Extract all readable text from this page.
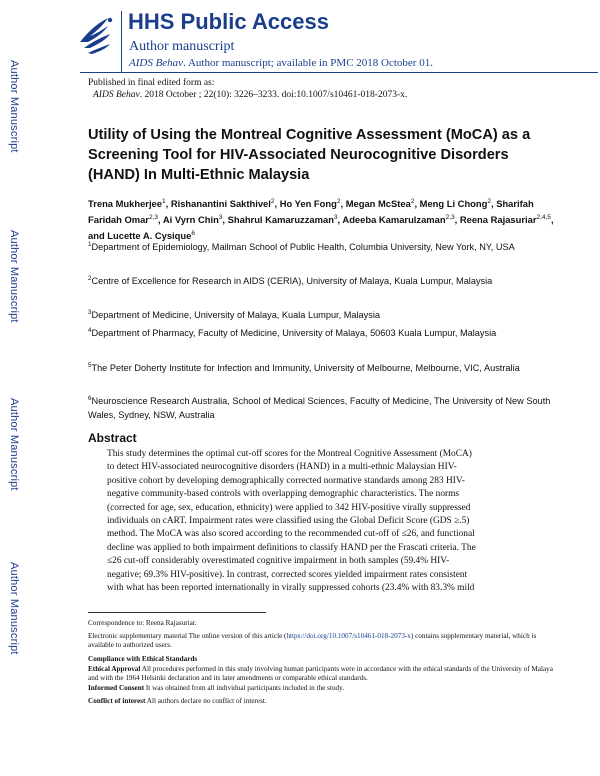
Author Manuscript
Author Manuscript
Author Manuscript
Author Manuscript
HHS Public Access
Author manuscript
AIDS Behav. Author manuscript; available in PMC 2018 October 01.
Published in final edited form as:
AIDS Behav. 2018 October ; 22(10): 3226–3233. doi:10.1007/s10461-018-2073-x.
Utility of Using the Montreal Cognitive Assessment (MoCA) as a Screening Tool for HIV-Associated Neurocognitive Disorders (HAND) In Multi-Ethnic Malaysia
Trena Mukherjee$^1$, Rishanantini Sakthivel$^2$, Ho Yen Fong$^2$, Megan McStea$^2$, Meng Li Chong$^2$, Sharifah Faridah Omar$^{2,3}$, Ai Vyrn Chin$^3$, Shahrul Kamaruzzaman$^3$, Adeeba Kamarulzaman$^{2,3}$, Reena Rajasuriar$^{2,4,5}$, and Lucette A. Cysique$^6$
$^1$Department of Epidemiology, Mailman School of Public Health, Columbia University, New York, NY, USA
$^2$Centre of Excellence for Research in AIDS (CERIA), University of Malaya, Kuala Lumpur, Malaysia
$^3$Department of Medicine, University of Malaya, Kuala Lumpur, Malaysia
$^4$Department of Pharmacy, Faculty of Medicine, University of Malaya, 50603 Kuala Lumpur, Malaysia
$^5$The Peter Doherty Institute for Infection and Immunity, University of Melbourne, Melbourne, VIC, Australia
$^6$Neuroscience Research Australia, School of Medical Sciences, Faculty of Medicine, The University of New South Wales, Sydney, NSW, Australia
Abstract
This study determines the optimal cut-off scores for the Montreal Cognitive Assessment (MoCA)
to detect HIV-associated neurocognitive disorders (HAND) in a multi-ethnic Malaysian HIV-
positive cohort by developing demographically corrected normative standards among 283 HIV-
negative community-based controls with overlapping demographic characteristics. The norms
(corrected for age, sex, education, ethnicity) were applied to 342 HIV-positive virally suppressed
individuals on cART. Impairment rates were classified using the Global Deficit Score (GDS ≥.5)
method. The MoCA was also scored according to the recommended cut-off of ≤26, and functional
decline was applied to both impairment definitions to classify HAND per the Frascati criteria. The
≤26 cut-off considerably overestimated cognitive impairment in both samples (59.4% HIV-
negative; 69.3% HIV-positive). In contrast, corrected scores yielded impairment rates consistent
with what has been reported internationally in virally suppressed cohorts (23.4% with 83.3% mild
Correspondence to: Reena Rajasuriar.
Electronic supplementary material The online version of this article (https://doi.org/10.1007/s10461-018-2073-x) contains supplementary material, which is available to authorized users.
Compliance with Ethical Standards
Ethical Approval All procedures performed in this study involving human participants were in accordance with the ethical standards of the University of Malaya and with the 1964 Helsinki declaration and its later amendments or comparable ethical standards.
Informed Consent It was obtained from all individual participants included in the study.
Conflict of interest All authors declare no conflict of interest.
